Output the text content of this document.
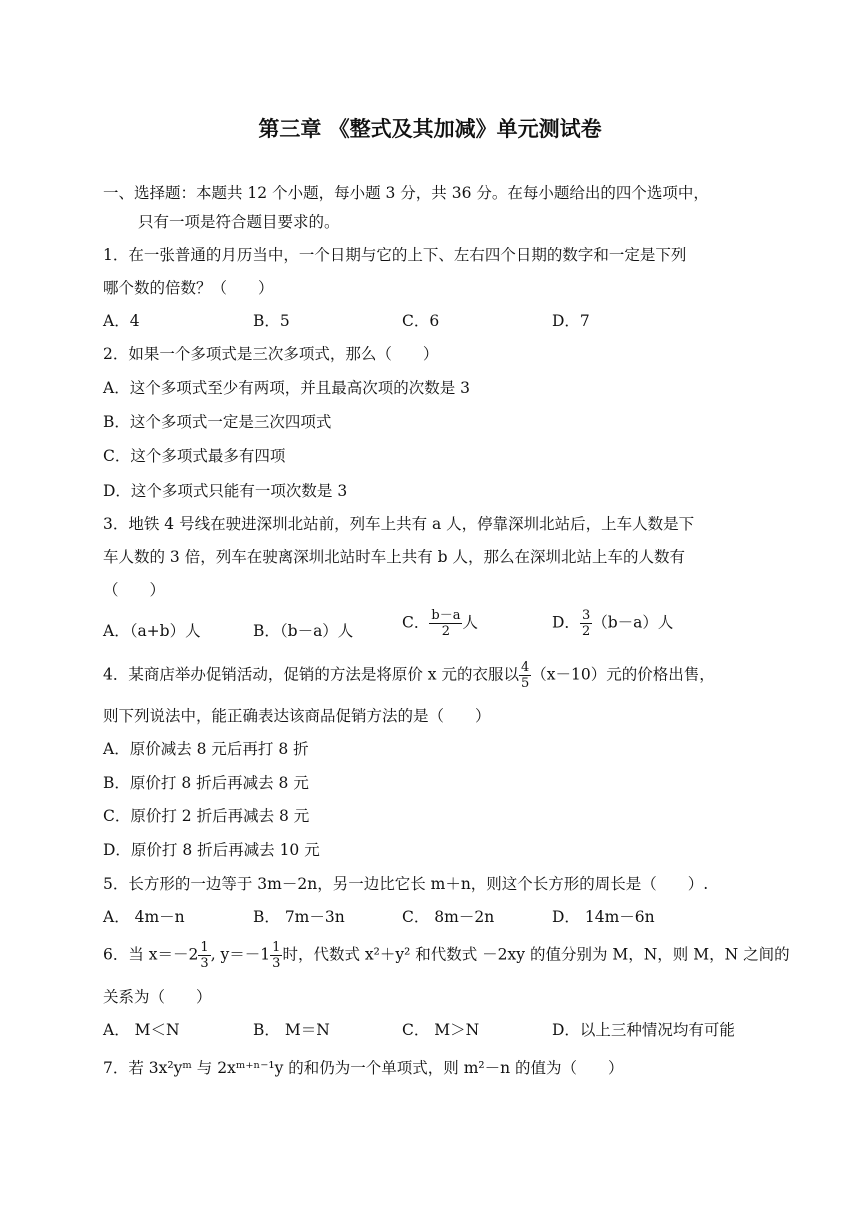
第三章 《整式及其加减》单元测试卷
一、选择题：本题共 12 个小题，每小题 3 分，共 36 分。在每小题给出的四个选项中，
只有一项是符合题目要求的。
1．在一张普通的月历当中，一个日期与它的上下、左右四个日期的数字和一定是下列
哪个数的倍数？（　　）
A．4	B．5	C．6	D．7
2．如果一个多项式是三次多项式，那么（　　）
A．这个多项式至少有两项，并且最高次项的次数是 3
B．这个多项式一定是三次四项式
C．这个多项式最多有四项
D．这个多项式只能有一项次数是 3
3．地铁 4 号线在驶进深圳北站前，列车上共有 a 人，停靠深圳北站后，上车人数是下
车人数的 3 倍，列车在驶离深圳北站时车上共有 b 人，那么在深圳北站上车的人数有
（　　）
A．（a+b）人	B．（b－a）人	C． $\frac{b-a}{2}$ 人	D． $\frac{3}{2} (b-a)$人
4．某商店举办促销活动，促销的方法是将原价 x 元的衣服以 $\frac{4}{5} (x-10)$元的价格出售，
则下列说法中，能正确表达该商品促销方法的是（　　）
A．原价减去 8 元后再打 8 折
B．原价打 8 折后再减去 8 元
C．原价打 2 折后再减去 8 元
D．原价打 8 折后再减去 10 元
5．长方形的一边等于 3m－2n，另一边比它长 m＋n，则这个长方形的周长是（　　）.
A． 4m－n	B． 7m－3n	C． 8m－2n	D． 14m－6n
6．当 $x=-2 \frac{1}{3}$ , $y=-1 \frac{1}{3}$ 时，代数式 x²＋y² 和代数式 －2xy 的值分别为 M，N，则 M，N 之间的
关系为（　　）
A． M＜N	B． M＝N	C． M＞N	D．以上三种情况均有可能
7．若 3x²yᵐ 与 2xᵐ⁺ⁿ⁻¹y 的和仍为一个单项式，则 m²－n 的值为（　　）
